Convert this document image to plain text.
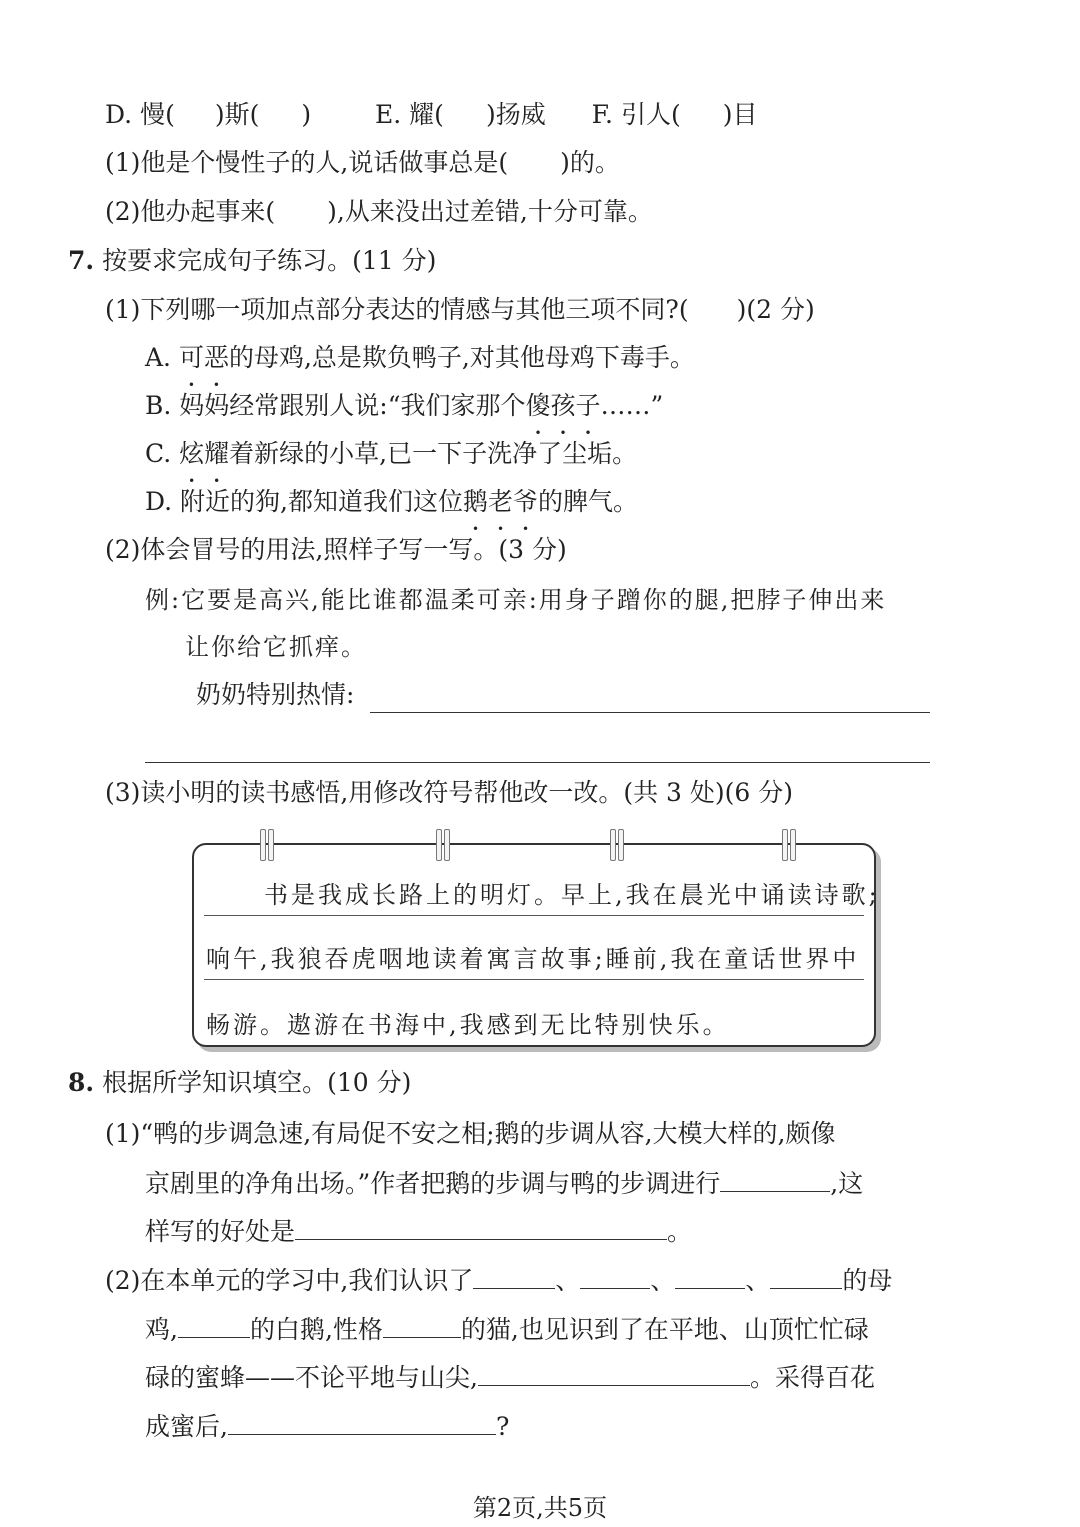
D. 慢( )斯( )	E. 耀( )扬威 F. 引人( )目
(1)他是个慢性子的人,说话做事总是( )的。
(2)他办起事来( ),从来没出过差错,十分可靠。
7. 按要求完成句子练习。(11 分)
(1)下列哪一项加点部分表达的情感与其他三项不同?( )(2 分)
A. 可恶的母鸡,总是欺负鸭子,对其他母鸡下毒手。
B. 妈妈经常跟别人说:“我们家那个傻孩子……”
C. 炫耀着新绿的小草,已一下子洗净了尘垢。
D. 附近的狗,都知道我们这位鹅老爷的脾气。
(2)体会冒号的用法,照样子写一写。(3 分)
例:它要是高兴,能比谁都温柔可亲:用身子蹭你的腿,把脖子伸出来
让你给它抓痒。
奶奶特别热情:
(3)读小明的读书感悟,用修改符号帮他改一改。(共 3 处)(6 分)
书是我成长路上的明灯。早上,我在晨光中诵读诗歌;
响午,我狼吞虎咽地读着寓言故事;睡前,我在童话世界中
畅游。遨游在书海中,我感到无比特别快乐。
8. 根据所学知识填空。(10 分)
(1)“鸭的步调急速,有局促不安之相;鹅的步调从容,大模大样的,颇像
京剧里的净角出场。”作者把鹅的步调与鸭的步调进行	,这
样写的好处是	。
(2)在本单元的学习中,我们认识了	、	、	、	的母
鸡,	的白鹅,性格	的猫,也见识到了在平地、山顶忙忙碌
碌的蜜蜂——不论平地与山尖,	。采得百花
成蜜后,	?
第2页,共5页
